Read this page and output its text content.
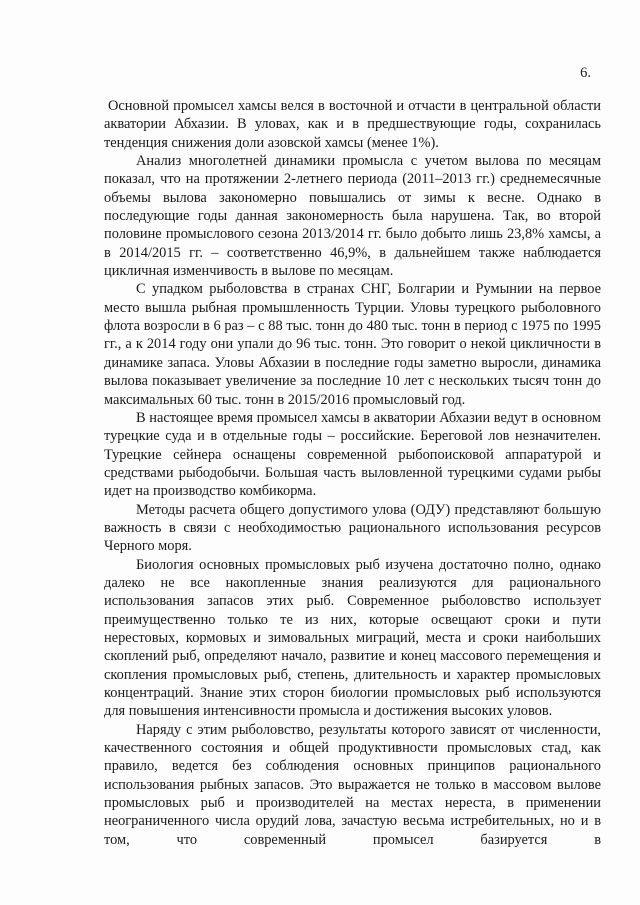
6.

Основной промысел хамсы велся в восточной и отчасти в центральной области акватории Абхазии. В уловах, как и в предшествующие годы, сохранилась тенденция снижения доли азовской хамсы (менее 1%).

Анализ многолетней динамики промысла с учетом вылова по месяцам показал, что на протяжении 2-летнего периода (2011–2013 гг.) среднемесячные объемы вылова закономерно повышались от зимы к весне. Однако в последующие годы данная закономерность была нарушена. Так, во второй половине промыслового сезона 2013/2014 гг. было добыто лишь 23,8% хамсы, а в 2014/2015 гг. – соответственно 46,9%, в дальнейшем также наблюдается цикличная изменчивость в вылове по месяцам.

С упадком рыболовства в странах СНГ, Болгарии и Румынии на первое место вышла рыбная промышленность Турции. Уловы турецкого рыболовного флота возросли в 6 раз – с 88 тыс. тонн до 480 тыс. тонн в период с 1975 по 1995 гг., а к 2014 году они упали до 96 тыс. тонн. Это говорит о некой цикличности в динамике запаса. Уловы Абхазии в последние годы заметно выросли, динамика вылова показывает увеличение за последние 10 лет с нескольких тысяч тонн до максимальных 60 тыс. тонн в 2015/2016 промысловый год.

В настоящее время промысел хамсы в акватории Абхазии ведут в основном турецкие суда и в отдельные годы – российские. Береговой лов незначителен. Турецкие сейнера оснащены современной рыбопоисковой аппаратурой и средствами рыбодобычи. Большая часть выловленной турецкими судами рыбы идет на производство комбикорма.

Методы расчета общего допустимого улова (ОДУ) представляют большую важность в связи с необходимостью рационального использования ресурсов Черного моря.

Биология основных промысловых рыб изучена достаточно полно, однако далеко не все накопленные знания реализуются для рационального использования запасов этих рыб. Современное рыболовство использует преимущественно только те из них, которые освещают сроки и пути нерестовых, кормовых и зимовальных миграций, места и сроки наибольших скоплений рыб, определяют начало, развитие и конец массового перемещения и скопления промысловых рыб, степень, длительность и характер промысловых концентраций. Знание этих сторон биологии промысловых рыб используются для повышения интенсивности промысла и достижения высоких уловов.

Наряду с этим рыболовство, результаты которого зависят от численности, качественного состояния и общей продуктивности промысловых стад, как правило, ведется без соблюдения основных принципов рационального использования рыбных запасов. Это выражается не только в массовом вылове промысловых рыб и производителей на местах нереста, в применении неограниченного числа орудий лова, зачастую весьма истребительных, но и в том, что современный промысел базируется в
